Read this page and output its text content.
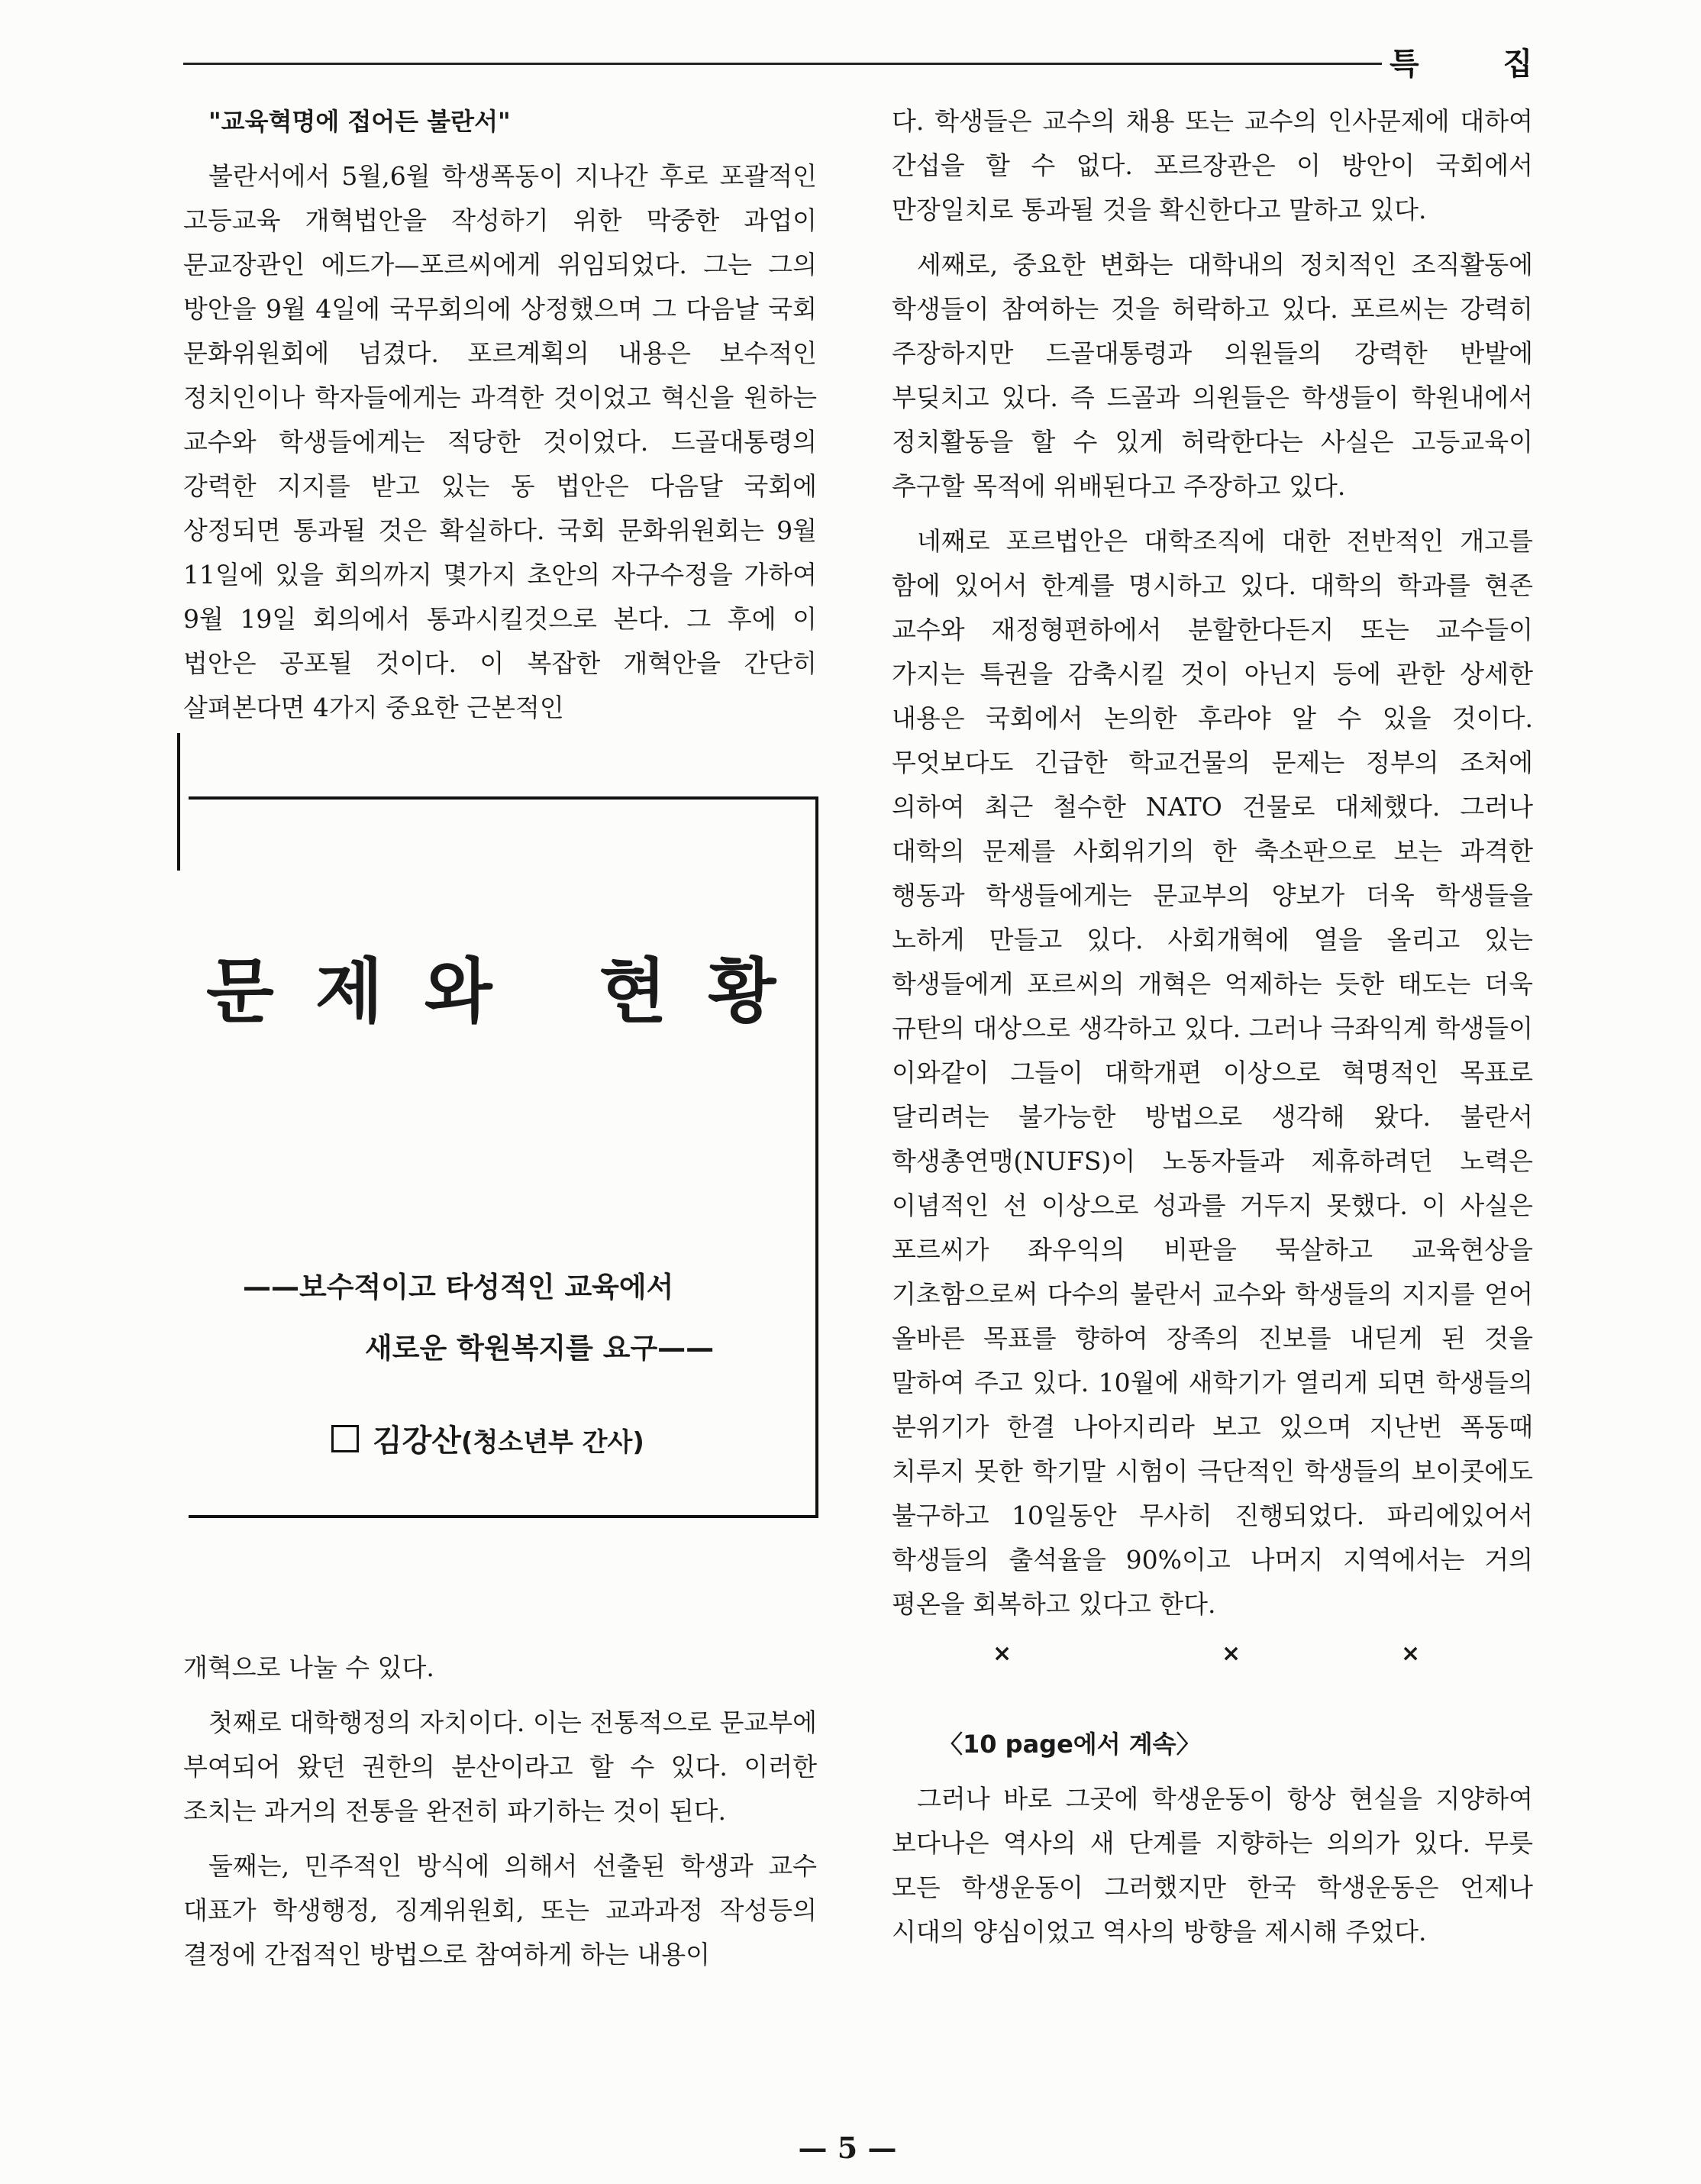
특 집

"교육혁명에 접어든 불란서"

불란서에서 5월,6월 학생폭동이 지나간 후로 포괄적인 고등교육 개혁법안을 작성하기 위한 막중한 과업이 문교장관인 에드가—포르씨에게 위임되었다. 그는 그의 방안을 9월 4일에 국무회의에 상정했으며 그 다음날 국회 문화위원회에 넘겼다. 포르계획의 내용은 보수적인 정치인이나 학자들에게는 과격한 것이었고 혁신을 원하는 교수와 학생들에게는 적당한 것이었다. 드골대통령의 강력한 지지를 받고 있는 동 법안은 다음달 국회에 상정되면 통과될 것은 확실하다. 국회 문화위원회는 9월 11일에 있을 회의까지 몇가지 초안의 자구수정을 가하여 9월 19일 회의에서 통과시킬것으로 본다. 그 후에 이 법안은 공포될 것이다. 이 복잡한 개혁안을 간단히 살펴본다면 4가지 중요한 근본적인

문제와 현황
——보수적이고 타성적인 교육에서
새로운 학원복지를 요구——
김강산(청소년부 간사)

개혁으로 나눌 수 있다.

첫째로 대학행정의 자치이다. 이는 전통적으로 문교부에 부여되어 왔던 권한의 분산이라고 할 수 있다. 이러한 조치는 과거의 전통을 완전히 파기하는 것이 된다.

둘째는, 민주적인 방식에 의해서 선출된 학생과 교수 대표가 학생행정, 징계위원회, 또는 교과과정 작성등의 결정에 간접적인 방법으로 참여하게 하는 내용이

다. 학생들은 교수의 채용 또는 교수의 인사문제에 대하여 간섭을 할 수 없다. 포르장관은 이 방안이 국회에서 만장일치로 통과될 것을 확신한다고 말하고 있다.

세째로, 중요한 변화는 대학내의 정치적인 조직활동에 학생들이 참여하는 것을 허락하고 있다. 포르씨는 강력히 주장하지만 드골대통령과 의원들의 강력한 반발에 부딪치고 있다. 즉 드골과 의원들은 학생들이 학원내에서 정치활동을 할 수 있게 허락한다는 사실은 고등교육이 추구할 목적에 위배된다고 주장하고 있다.

네째로 포르법안은 대학조직에 대한 전반적인 개고를 함에 있어서 한계를 명시하고 있다. 대학의 학과를 현존 교수와 재정형편하에서 분할한다든지 또는 교수들이 가지는 특권을 감축시킬 것이 아닌지 등에 관한 상세한 내용은 국회에서 논의한 후라야 알 수 있을 것이다. 무엇보다도 긴급한 학교건물의 문제는 정부의 조처에 의하여 최근 철수한 NATO 건물로 대체했다. 그러나 대학의 문제를 사회위기의 한 축소판으로 보는 과격한 행동과 학생들에게는 문교부의 양보가 더욱 학생들을 노하게 만들고 있다. 사회개혁에 열을 올리고 있는 학생들에게 포르씨의 개혁은 억제하는 듯한 태도는 더욱 규탄의 대상으로 생각하고 있다. 그러나 극좌익계 학생들이 이와같이 그들이 대학개편 이상으로 혁명적인 목표로 달리려는 불가능한 방법으로 생각해 왔다. 불란서 학생총연맹(NUFS)이 노동자들과 제휴하려던 노력은 이념적인 선 이상으로 성과를 거두지 못했다. 이 사실은 포르씨가 좌우익의 비판을 묵살하고 교육현상을 기초함으로써 다수의 불란서 교수와 학생들의 지지를 얻어 올바른 목표를 향하여 장족의 진보를 내딛게 된 것을 말하여 주고 있다. 10월에 새학기가 열리게 되면 학생들의 분위기가 한결 나아지리라 보고 있으며 지난번 폭동때 치루지 못한 학기말 시험이 극단적인 학생들의 보이콧에도 불구하고 10일동안 무사히 진행되었다. 파리에있어서 학생들의 출석율을 90%이고 나머지 지역에서는 거의 평온을 회복하고 있다고 한다.

×	×	×

〈10 page에서 계속〉

그러나 바로 그곳에 학생운동이 항상 현실을 지양하여 보다나은 역사의 새 단계를 지향하는 의의가 있다. 무릇 모든 학생운동이 그러했지만 한국 학생운동은 언제나 시대의 양심이었고 역사의 방향을 제시해 주었다.

— 5 —
